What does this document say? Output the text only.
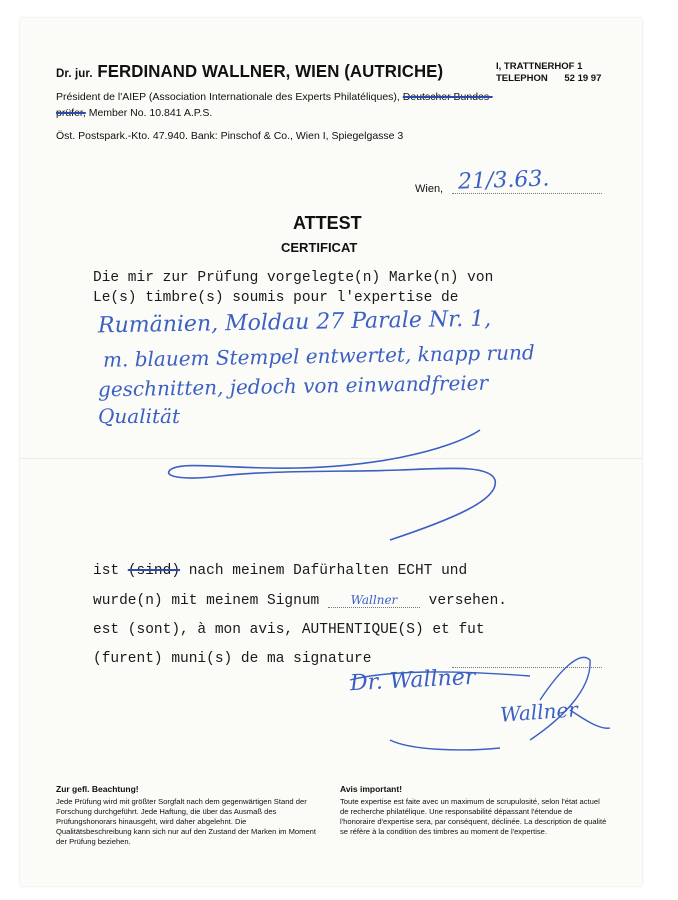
Dr. jur. FERDINAND WALLNER, WIEN (AUTRICHE)	I, TRATTNERHOF 1
TELEPHON 52 19 97
Président de l'AIEP (Association Internationale des Experts Philatéliques), Deutscher Bundes-
prüfer, Member No. 10.841 A.P.S.
Öst. Postspark.-Kto. 47.940. Bank: Pinschof & Co., Wien I, Spiegelgasse 3
Wien, 21/3.63.
ATTEST
CERTIFICAT
Die mir zur Prüfung vorgelegte(n) Marke(n) von
Le(s) timbre(s) soumis pour l'expertise de
Rumänien, Moldau 27 Parale Nr. 1,
m. blauem Stempel entwertet, knapp rund
geschnitten, jedoch von einwandfreier
Qualität
ist (sind) nach meinem Dafürhalten ECHT und
wurde(n) mit meinem Signum	Wallner versehen.
est (sont), à mon avis, AUTHENTIQUE(S) et fut
(furent) muni(s) de ma signature
Dr. Wallner
Wallner
Zur gefl. Beachtung!
Jede Prüfung wird mit größter Sorgfalt nach dem gegenwärtigen Stand der Forschung durchgeführt. Jede Haftung, die über das Ausmaß des Prüfungshonorars hinausgeht, wird daher abgelehnt. Die Qualitätsbeschreibung kann sich nur auf den Zustand der Marken im Moment der Prüfung beziehen.
Avis important!
Toute expertise est faite avec un maximum de scrupulosité, selon l'état actuel de recherche philatélique. Une responsabilité dépassant l'étendue de l'honoraire d'expertise sera, par conséquent, déclinée. La description de qualité se réfère à la condition des timbres au moment de l'expertise.
